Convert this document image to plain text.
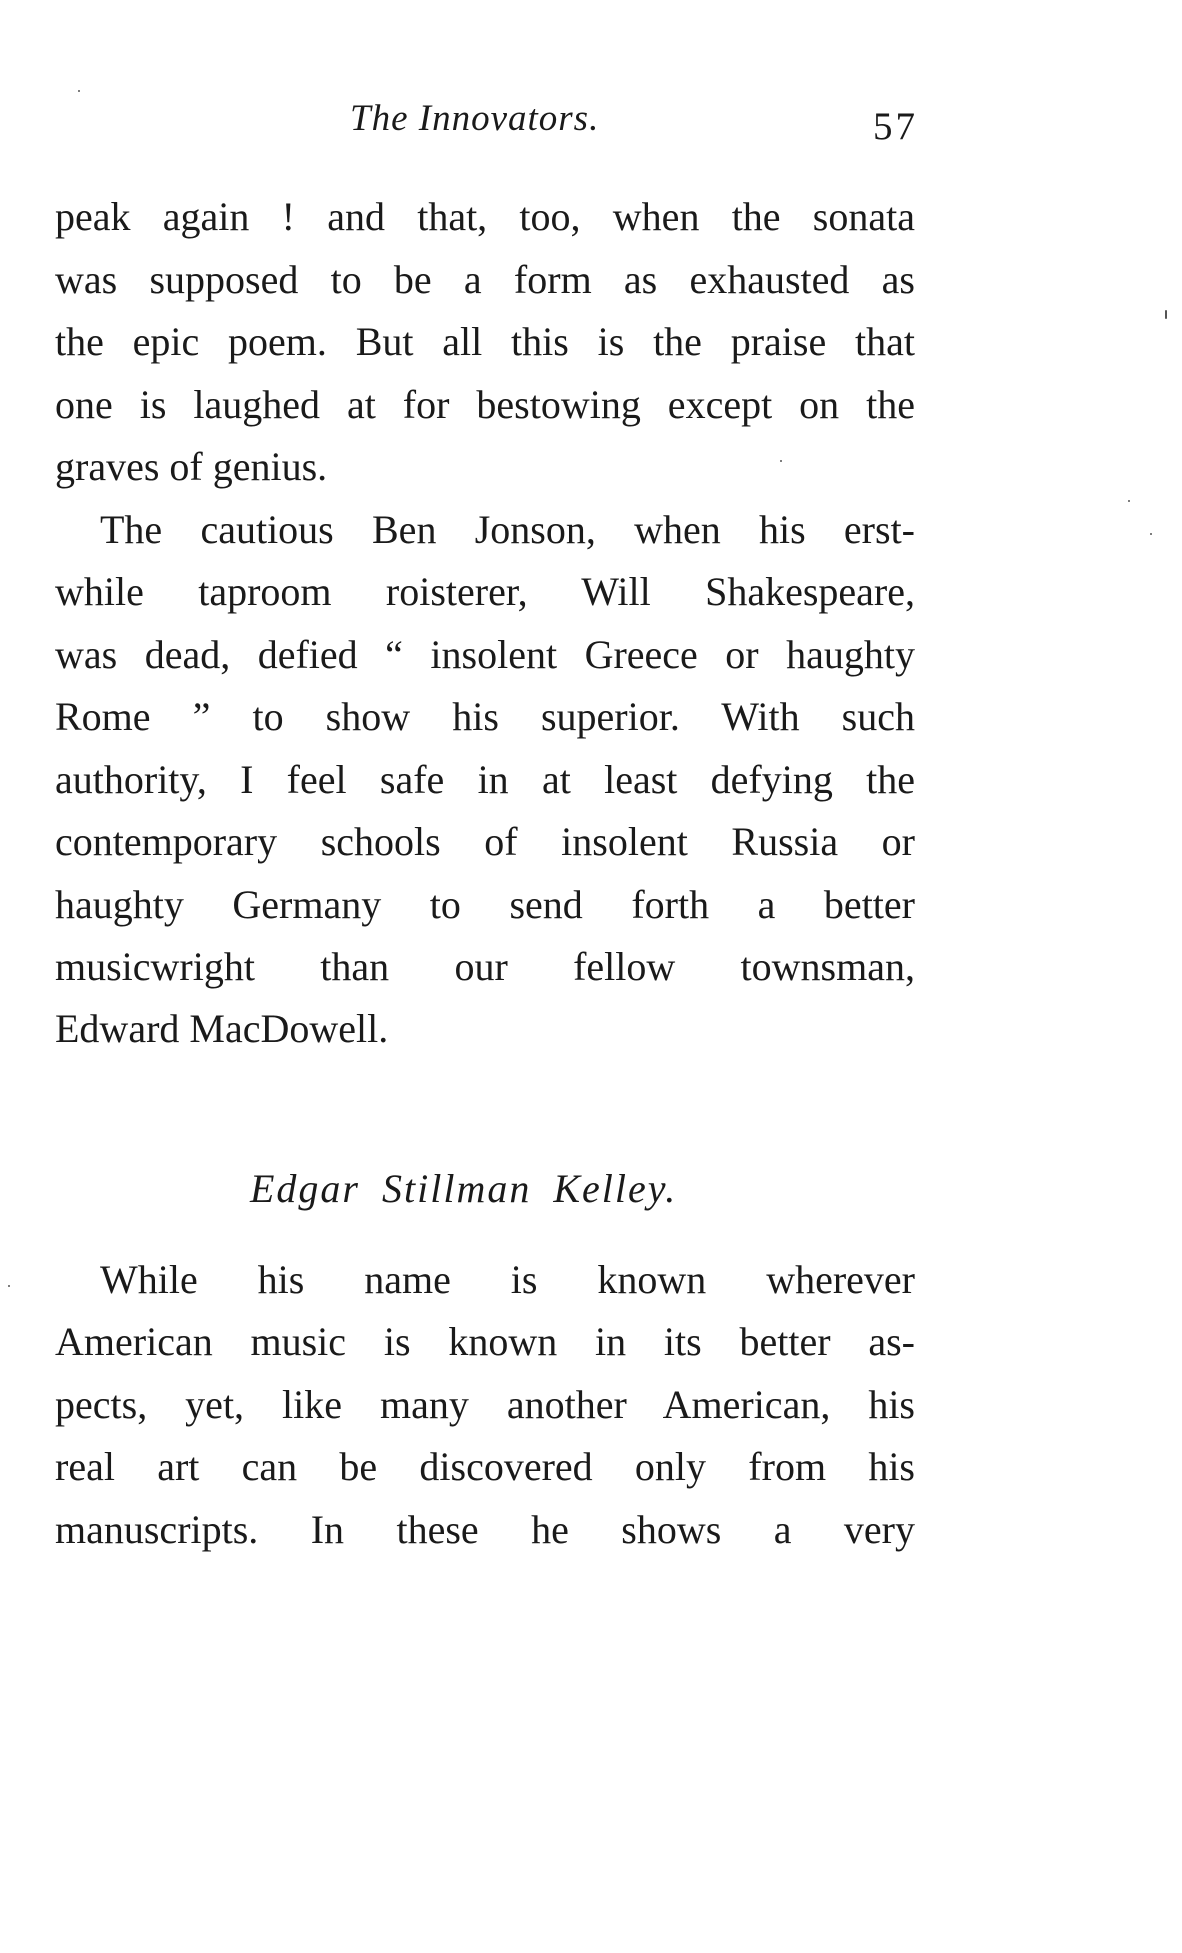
The Innovators.	57
peak again ! and that, too, when the sonata
was supposed to be a form as exhausted as
the epic poem. But all this is the praise that
one is laughed at for bestowing except on the
graves of genius.
The cautious Ben Jonson, when his erst-
while taproom roisterer, Will Shakespeare,
was dead, defied “ insolent Greece or haughty
Rome ” to show his superior. With such
authority, I feel safe in at least defying the
contemporary schools of insolent Russia or
haughty Germany to send forth a better
musicwright than our fellow townsman,
Edward MacDowell.
Edgar Stillman Kelley.
While his name is known wherever
American music is known in its better as-
pects, yet, like many another American, his
real art can be discovered only from his
manuscripts. In these he shows a very
